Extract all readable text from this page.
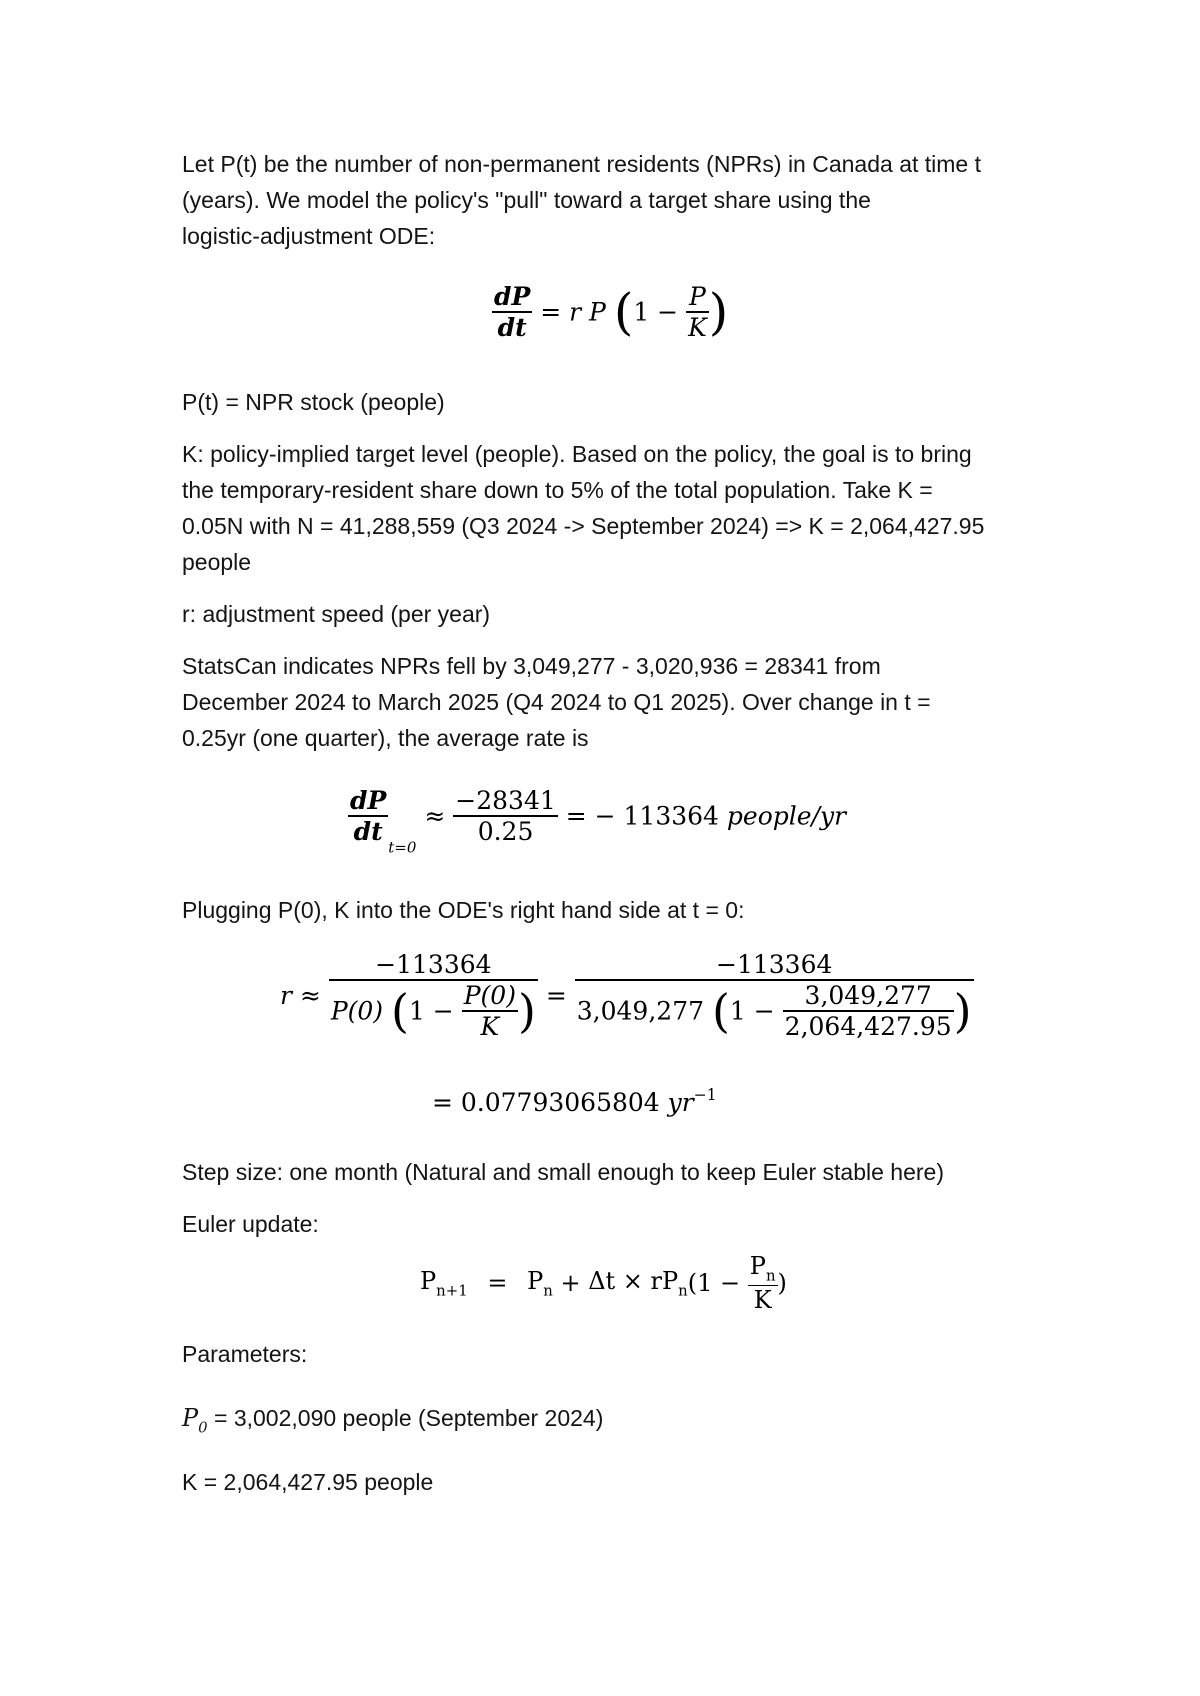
Let P(t) be the number of non-permanent residents (NPRs) in Canada at time t
(years). We model the policy's "pull" toward a target share using the
logistic-adjustment ODE:
$\frac{dP}{dt} = r$ P ($1 - \frac{P}{K}$ )
P(t) = NPR stock (people)
K: policy-implied target level (people). Based on the policy, the goal is to bring
the temporary-resident share down to 5% of the total population. Take K =
0.05N with N = 41,288,559 (Q3 2024 -> September 2024) => K = 2,064,427.95
people
r: adjustment speed (per year)
StatsCan indicates NPRs fell by 3,049,277 - 3,020,936 = 28341 from
December 2024 to March 2025 (Q4 2024 to Q1 2025). Over change in t =
0.25yr (one quarter), the average rate is
$\frac{dP}{dt}$
$_{t=0} \approx \frac{-28341}{0.25}$ = − 113364 people/yr
Plugging P(0), K into the ODE's right hand side at t = 0:
r ≈
−113364
P(0) ($1 - \frac{P(0)}{K}$ ) =
−113364
3,049,277 ($1 - \frac{3,049,277}{2,064,427.95}$ )
= 0.07793065804 $yr^{-1}$
Step size: one month (Natural and small enough to keep Euler stable here)
Euler update:
$P_{n+1} = P_n + \Delta t \times rP_n(1 - \frac{P_n}{K}$ )
Parameters:
$P_0 = 3,002,090$ people (September 2024)
K = 2,064,427.95 people
